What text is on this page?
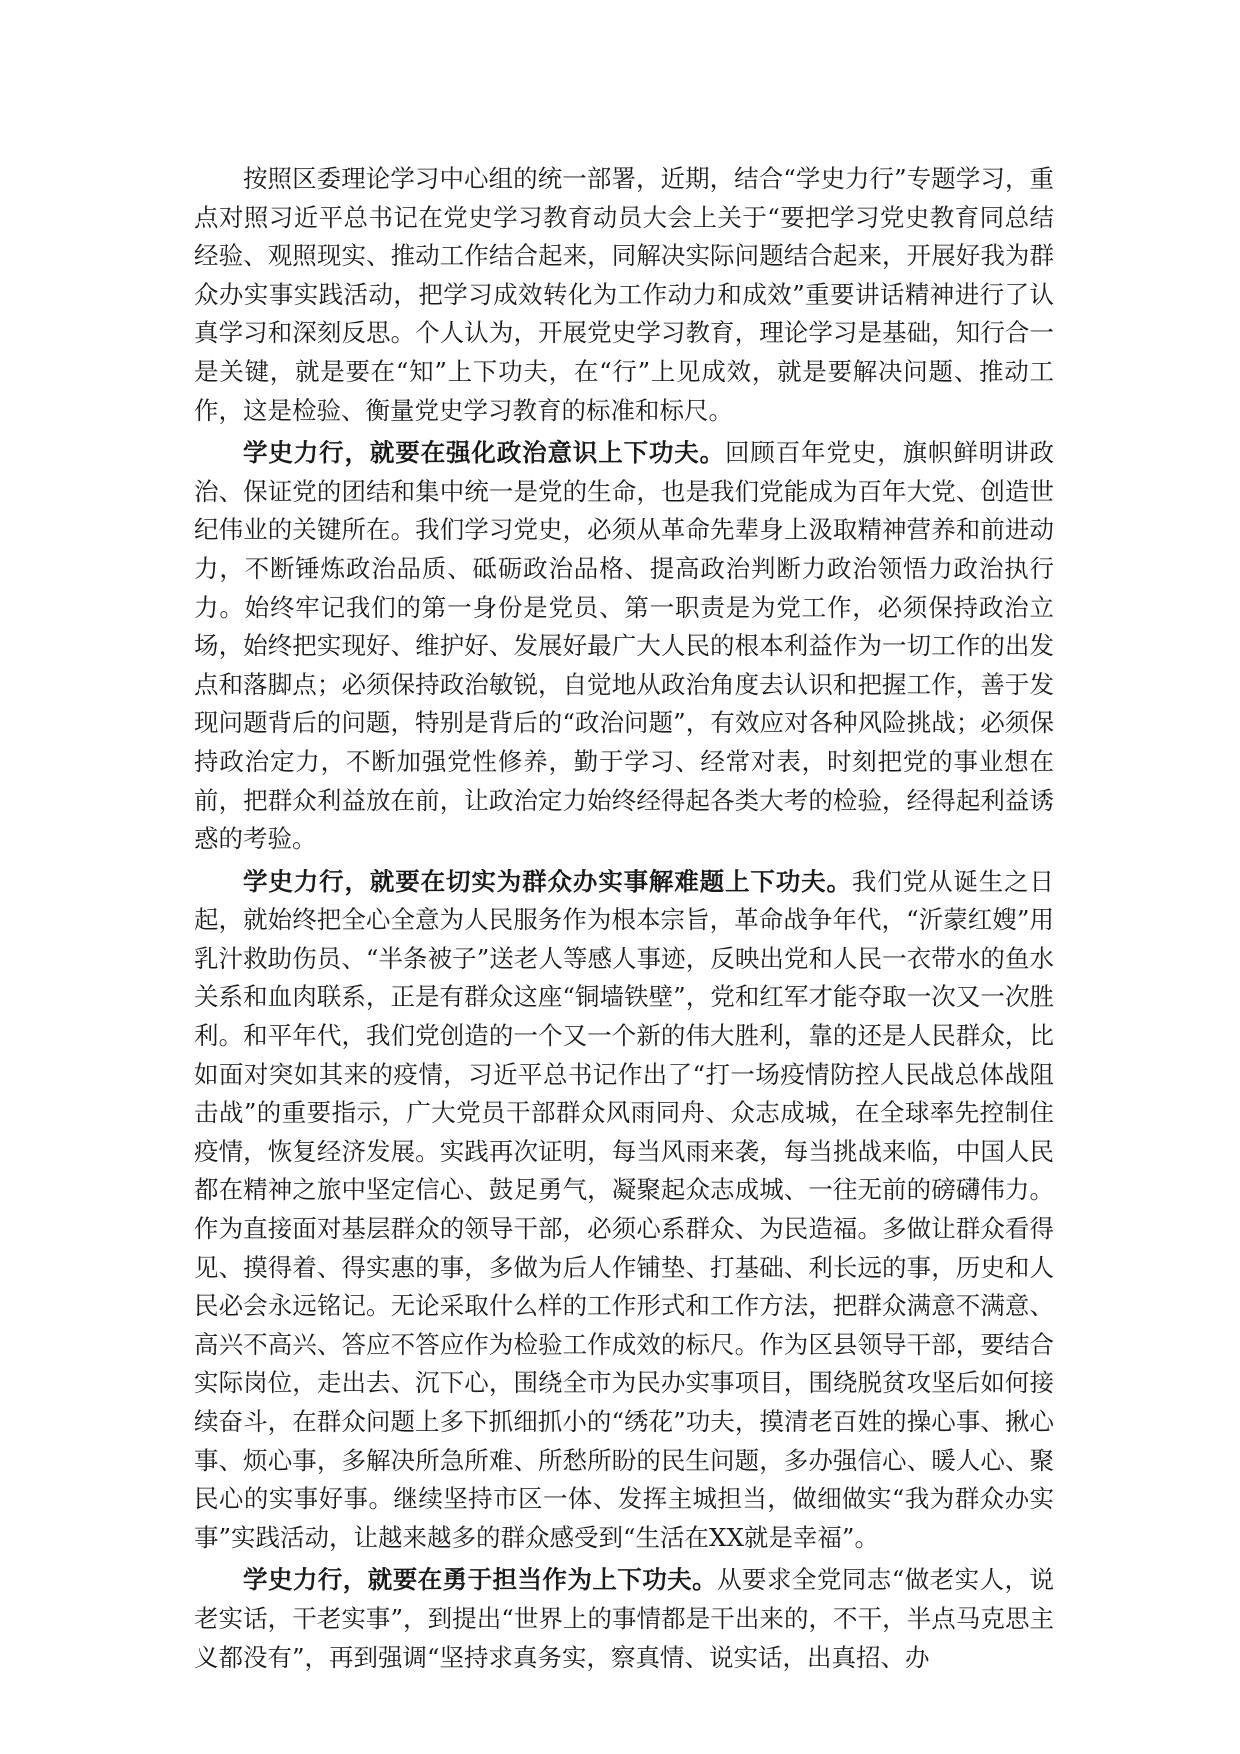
按照区委理论学习中心组的统一部署，近期，结合“学史力行”专题学习，重点对照习近平总书记在党史学习教育动员大会上关于“要把学习党史教育同总结经验、观照现实、推动工作结合起来，同解决实际问题结合起来，开展好我为群众办实事实践活动，把学习成效转化为工作动力和成效”重要讲话精神进行了认真学习和深刻反思。个人认为，开展党史学习教育，理论学习是基础，知行合一是关键，就是要在“知”上下功夫，在“行”上见成效，就是要解决问题、推动工作，这是检验、衡量党史学习教育的标准和标尺。

学史力行，就要在强化政治意识上下功夫。回顾百年党史，旗帜鲜明讲政治、保证党的团结和集中统一是党的生命，也是我们党能成为百年大党、创造世纪伟业的关键所在。我们学习党史，必须从革命先辈身上汲取精神营养和前进动力，不断锤炼政治品质、砥砺政治品格、提高政治判断力政治领悟力政治执行力。始终牢记我们的第一身份是党员、第一职责是为党工作，必须保持政治立场，始终把实现好、维护好、发展好最广大人民的根本利益作为一切工作的出发点和落脚点；必须保持政治敏锐，自觉地从政治角度去认识和把握工作，善于发现问题背后的问题，特别是背后的“政治问题”，有效应对各种风险挑战；必须保持政治定力，不断加强党性修养，勤于学习、经常对表，时刻把党的事业想在前，把群众利益放在前，让政治定力始终经得起各类大考的检验，经得起利益诱惑的考验。

学史力行，就要在切实为群众办实事解难题上下功夫。我们党从诞生之日起，就始终把全心全意为人民服务作为根本宗旨，革命战争年代，“沂蒙红嫂”用乳汁救助伤员、“半条被子”送老人等感人事迹，反映出党和人民一衣带水的鱼水关系和血肉联系，正是有群众这座“铜墙铁壁”，党和红军才能夺取一次又一次胜利。和平年代，我们党创造的一个又一个新的伟大胜利，靠的还是人民群众，比如面对突如其来的疫情，习近平总书记作出了“打一场疫情防控人民战总体战阻击战”的重要指示，广大党员干部群众风雨同舟、众志成城，在全球率先控制住疫情，恢复经济发展。实践再次证明，每当风雨来袭，每当挑战来临，中国人民都在精神之旅中坚定信心、鼓足勇气，凝聚起众志成城、一往无前的磅礴伟力。作为直接面对基层群众的领导干部，必须心系群众、为民造福。多做让群众看得见、摸得着、得实惠的事，多做为后人作铺垫、打基础、利长远的事，历史和人民必会永远铭记。无论采取什么样的工作形式和工作方法，把群众满意不满意、高兴不高兴、答应不答应作为检验工作成效的标尺。作为区县领导干部，要结合实际岗位，走出去、沉下心，围绕全市为民办实事项目，围绕脱贫攻坚后如何接续奋斗，在群众问题上多下抓细抓小的“绣花”功夫，摸清老百姓的操心事、揪心事、烦心事，多解决所急所难、所愁所盼的民生问题，多办强信心、暖人心、聚民心的实事好事。继续坚持市区一体、发挥主城担当，做细做实“我为群众办实事”实践活动，让越来越多的群众感受到“生活在XX就是幸福”。

学史力行，就要在勇于担当作为上下功夫。从要求全党同志“做老实人，说老实话，干老实事”，到提出“世界上的事情都是干出来的，不干，半点马克思主义都没有”，再到强调“坚持求真务实，察真情、说实话，出真招、办
